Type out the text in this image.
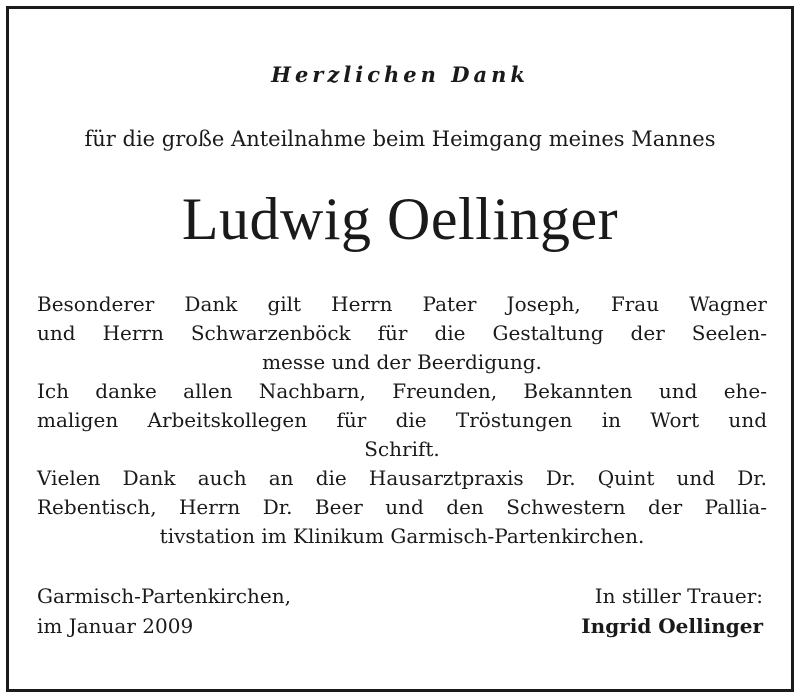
Herzlichen Dank
für die große Anteilnahme beim Heimgang meines Mannes
Ludwig Oellinger
Besonderer Dank gilt Herrn Pater Joseph, Frau Wagner
und Herrn Schwarzenböck für die Gestaltung der Seelen-
messe und der Beerdigung.
Ich danke allen Nachbarn, Freunden, Bekannten und ehe-
maligen Arbeitskollegen für die Tröstungen in Wort und
Schrift.
Vielen Dank auch an die Hausarztpraxis Dr. Quint und Dr.
Rebentisch, Herrn Dr. Beer und den Schwestern der Pallia-
tivstation im Klinikum Garmisch-Partenkirchen.
Garmisch-Partenkirchen,
im Januar 2009
In stiller Trauer:
Ingrid Oellinger
